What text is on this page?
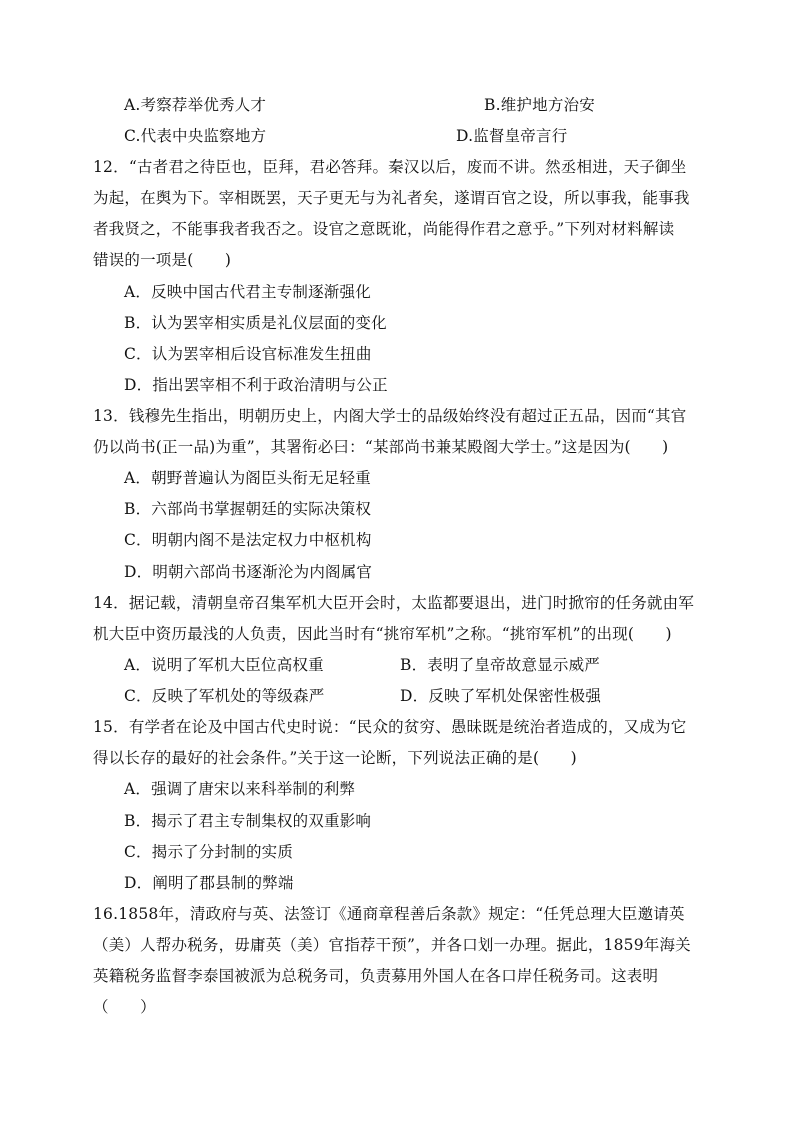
A.考察荐举优秀人才	B.维护地方治安
C.代表中央监察地方	D.监督皇帝言行
12．“古者君之待臣也，臣拜，君必答拜。秦汉以后，废而不讲。然丞相进，天子御坐
为起，在舆为下。宰相既罢，天子更无与为礼者矣，遂谓百官之设，所以事我，能事我
者我贤之，不能事我者我否之。设官之意既讹，尚能得作君之意乎。”下列对材料解读
错误的一项是(　　)
A．反映中国古代君主专制逐渐强化
B．认为罢宰相实质是礼仪层面的变化
C．认为罢宰相后设官标准发生扭曲
D．指出罢宰相不利于政治清明与公正
13．钱穆先生指出，明朝历史上，内阁大学士的品级始终没有超过正五品，因而“其官
仍以尚书(正一品)为重”，其署衔必曰：“某部尚书兼某殿阁大学士。”这是因为(　　)
A．朝野普遍认为阁臣头衔无足轻重
B．六部尚书掌握朝廷的实际决策权
C．明朝内阁不是法定权力中枢机构
D．明朝六部尚书逐渐沦为内阁属官
14．据记载，清朝皇帝召集军机大臣开会时，太监都要退出，进门时掀帘的任务就由军
机大臣中资历最浅的人负责，因此当时有“挑帘军机”之称。“挑帘军机”的出现(　　)
A．说明了军机大臣位高权重	B．表明了皇帝故意显示威严
C．反映了军机处的等级森严	D．反映了军机处保密性极强
15．有学者在论及中国古代史时说：“民众的贫穷、愚昧既是统治者造成的，又成为它
得以长存的最好的社会条件。”关于这一论断，下列说法正确的是(　　)
A．强调了唐宋以来科举制的利弊
B．揭示了君主专制集权的双重影响
C．揭示了分封制的实质
D．阐明了郡县制的弊端
16.1858年，清政府与英、法签订《通商章程善后条款》规定：“任凭总理大臣邀请英
（美）人帮办税务，毋庸英（美）官指荐干预”，并各口划一办理。据此，1859年海关
英籍税务监督李泰国被派为总税务司，负责募用外国人在各口岸任税务司。这表明
（　　）
